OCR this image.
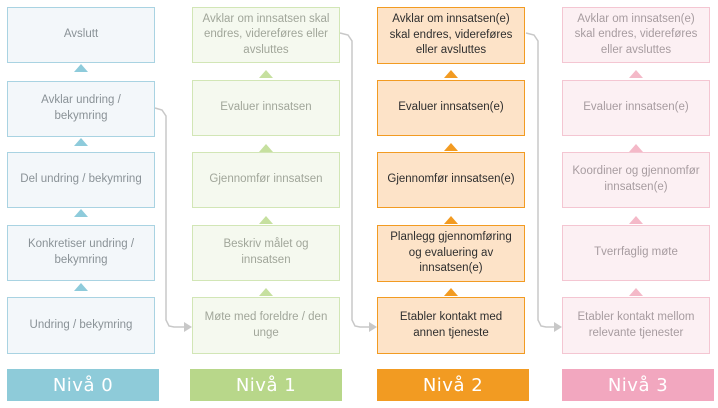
Avslutt
Avklar undring / bekymring
Del undring / bekymring
Konkretiser undring / bekymring
Undring / bekymring
Avklar om innsatsen skal endres, videreføres eller avsluttes
Evaluer innsatsen
Gjennomfør innsatsen
Beskriv målet og innsatsen
Møte med foreldre / den unge
Avklar om innsatsen(e) skal endres, videreføres eller avsluttes
Evaluer innsatsen(e)
Gjennomfør innsatsen(e)
Planlegg gjennomføring og evaluering av innsatsen(e)
Etabler kontakt med annen tjeneste
Avklar om innsatsen(e) skal endres, videreføres eller avsluttes
Evaluer innsatsen(e)
Koordiner og gjennomfør innsatsen(e)
Tverrfaglig møte
Etabler kontakt mellom relevante tjenester
Nivå 0	Nivå 1	Nivå 2	Nivå 3
